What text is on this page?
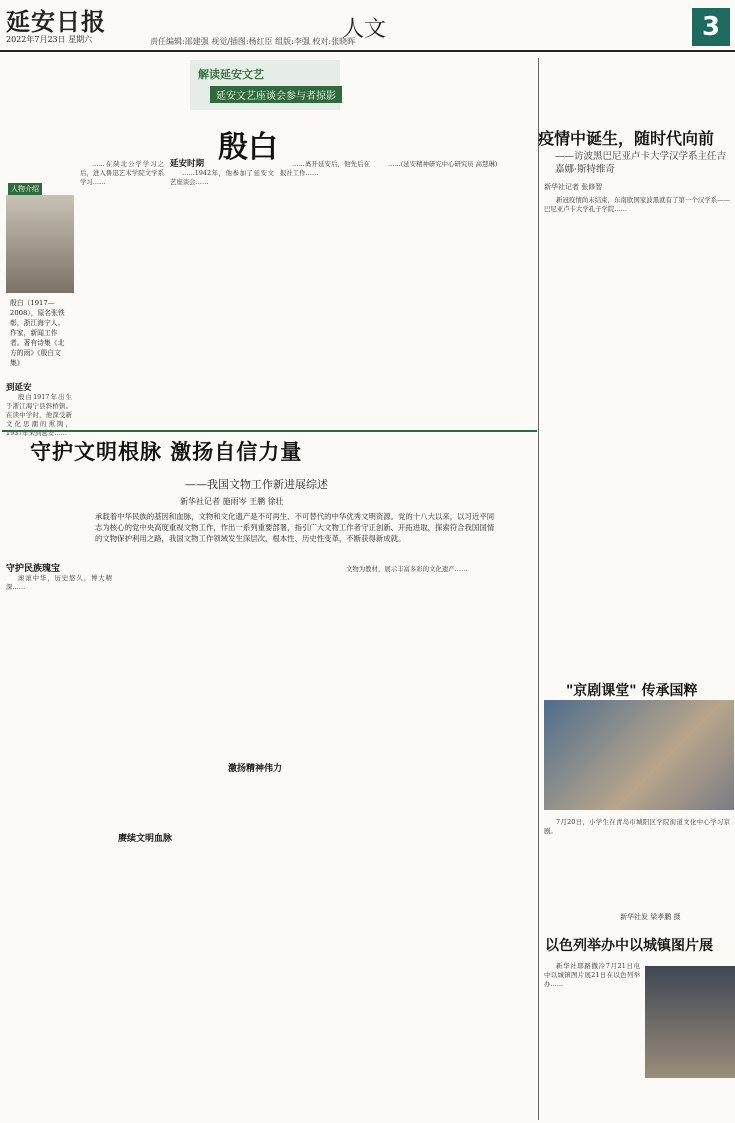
延安日报
2022年7月23日 星期六	人文	3
责任编辑:邵建强 视觉/插图:杨红臣 组版:李强 校对:张晓晖
解读延安文艺
延安文艺座谈会参与者掠影
殷白
人物介绍
殷白（1917—2008），原名张铁彰，浙江海宁人。作家，新闻工作者。著有诗集《北方的雨》《殷白文集》
到延安

殷白1917年出生于浙江海宁县斜桥镇。在读中学时，他深受新文化思潮的熏陶，1937年来到延安……

……在陕北公学学习之后，进入鲁迅艺术学院文学系学习……

延安时期

……1942年，他参加了延安文艺座谈会……

……离开延安后，他先后在报社工作……

……(延安精神研究中心研究员 高慧琳)

疫情中诞生，随时代向前
——访波黑巴尼亚卢卡大学汉学系主任吉嘉娜·斯特维奇
新华社记者 张修智

新冠疫情尚未结束，东南欧国家波黑就有了第一个汉学系——巴尼亚卢卡大学孔子学院……

"京剧课堂" 传承国粹

7月20日，小学生在青岛市城阳区学院街道文化中心学习京剧。

新华社发 梁孝鹏 摄
以色列举办中以城镇图片展

新华社耶路撒冷7月21日电 中以城镇图片展21日在以色列举办……

守护文明根脉 激扬自信力量
——我国文物工作新进展综述
新华社记者 施雨岑 王鹏 徐壮
承载着中华民族的基因和血脉，文物和文化遗产是不可再生、不可替代的中华优秀文明资源。党的十八大以来，以习近平同志为核心的党中央高度重视文物工作，作出一系列重要部署，指引广大文物工作者守正创新、开拓进取，探索符合我国国情的文物保护利用之路，我国文物工作领域发生深层次、根本性、历史性变革，不断获得新成就。
守护民族瑰宝

滚滚中华，历史悠久，博大精深……

赓续文明血脉
激扬精神伟力

文物为教材，展示丰富多彩的文化遗产……
